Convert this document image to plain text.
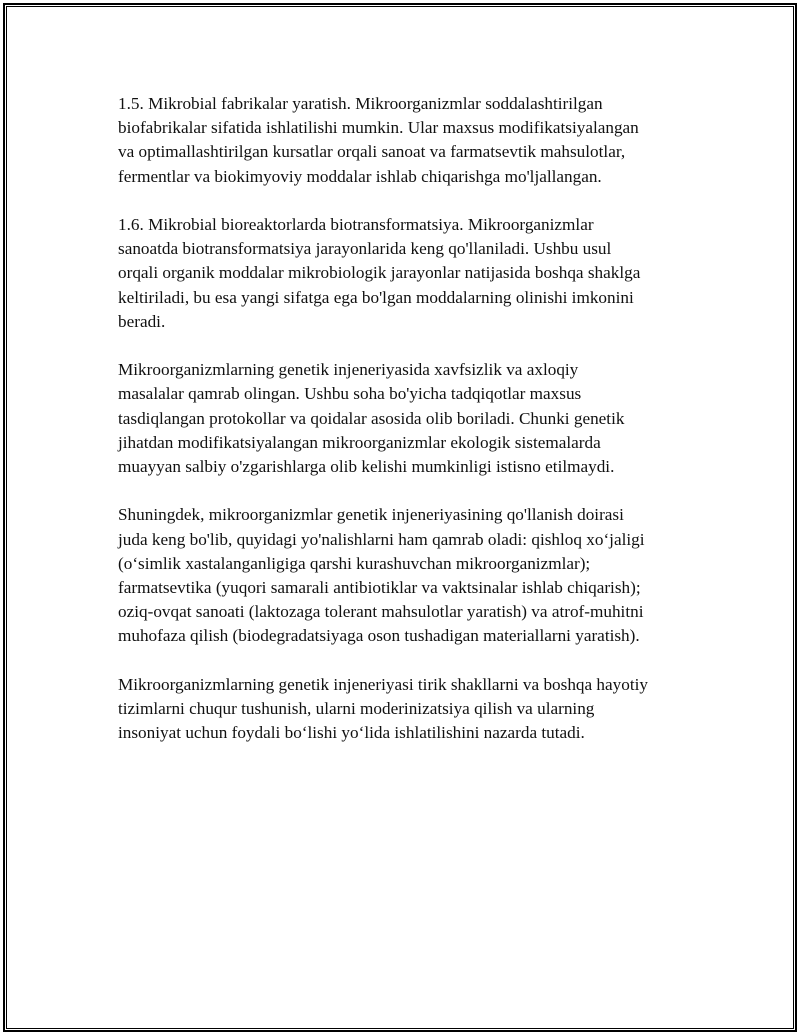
1.5. Mikrobial fabrikalar yaratish. Mikroorganizmlar soddalashtirilgan
biofabrikalar sifatida ishlatilishi mumkin. Ular maxsus modifikatsiyalangan
va optimallashtirilgan kursatlar orqali sanoat va farmatsevtik mahsulotlar,
fermentlar va biokimyoviy moddalar ishlab chiqarishga mo'ljallangan.

1.6. Mikrobial bioreaktorlarda biotransformatsiya. Mikroorganizmlar
sanoatda biotransformatsiya jarayonlarida keng qo'llaniladi. Ushbu usul
orqali organik moddalar mikrobiologik jarayonlar natijasida boshqa shaklga
keltiriladi, bu esa yangi sifatga ega bo'lgan moddalarning olinishi imkonini
beradi.

Mikroorganizmlarning genetik injeneriyasida xavfsizlik va axloqiy
masalalar qamrab olingan. Ushbu soha bo'yicha tadqiqotlar maxsus
tasdiqlangan protokollar va qoidalar asosida olib boriladi. Chunki genetik
jihatdan modifikatsiyalangan mikroorganizmlar ekologik sistemalarda
muayyan salbiy o'zgarishlarga olib kelishi mumkinligi istisno etilmaydi.

Shuningdek, mikroorganizmlar genetik injeneriyasining qo'llanish doirasi
juda keng bo'lib, quyidagi yo'nalishlarni ham qamrab oladi: qishloq xo‘jaligi
(o‘simlik xastalanganligiga qarshi kurashuvchan mikroorganizmlar);
farmatsevtika (yuqori samarali antibiotiklar va vaktsinalar ishlab chiqarish);
oziq-ovqat sanoati (laktozaga tolerant mahsulotlar yaratish) va atrof-muhitni
muhofaza qilish (biodegradatsiyaga oson tushadigan materiallarni yaratish).

Mikroorganizmlarning genetik injeneriyasi tirik shakllarni va boshqa hayotiy
tizimlarni chuqur tushunish, ularni moderinizatsiya qilish va ularning
insoniyat uchun foydali bo‘lishi yo‘lida ishlatilishini nazarda tutadi.
